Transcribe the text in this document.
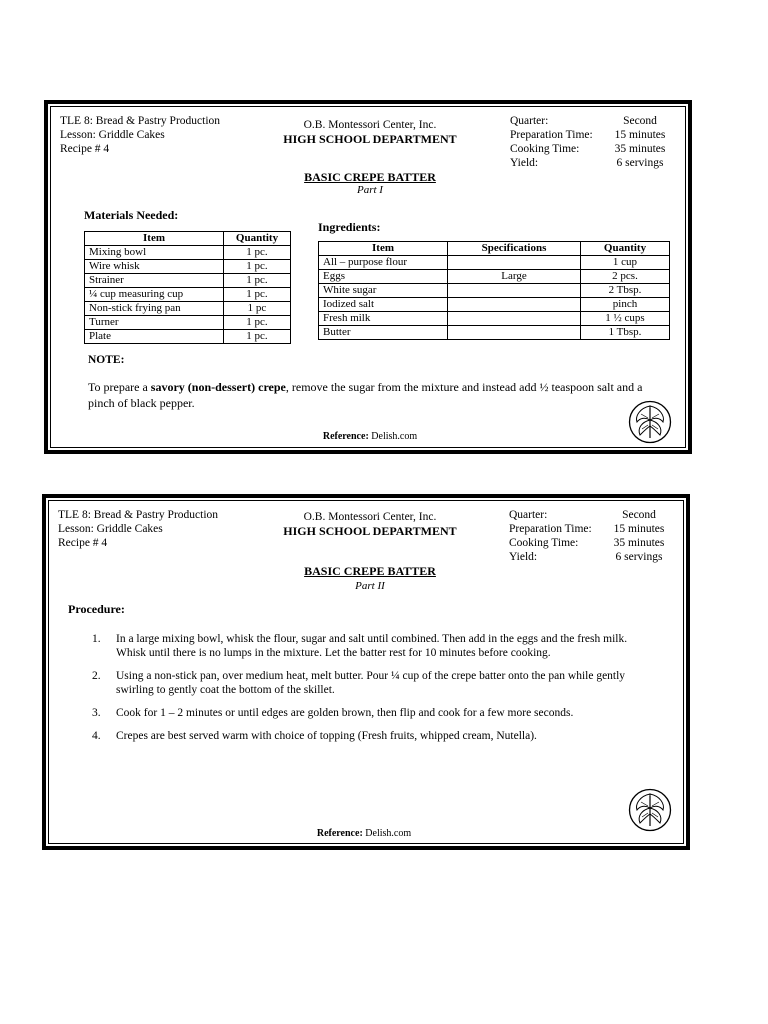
TLE 8: Bread & Pastry Production
Lesson: Griddle Cakes
Recipe # 4
O.B. Montessori Center, Inc.
HIGH SCHOOL DEPARTMENT
Quarter:	Second
Preparation Time:	15 minutes
Cooking Time:	35 minutes
Yield:	6 servings
BASIC CREPE BATTER
Part I
Materials Needed:
Item	Quantity
Mixing bowl	1 pc.
Wire whisk	1 pc.
Strainer	1 pc.
¼ cup measuring cup	1 pc.
Non-stick frying pan	1 pc
Turner	1 pc.
Plate	1 pc.
Ingredients:
Item	Specifications	Quantity
All – purpose flour		1 cup
Eggs	Large	2 pcs.
White sugar		2 Tbsp.
Iodized salt		pinch
Fresh milk		1 ½ cups
Butter		1 Tbsp.
NOTE:
To prepare a savory (non-dessert) crepe, remove the sugar from the mixture and instead add ½ teaspoon salt and a pinch of black pepper.
Reference: Delish.com
TLE 8: Bread & Pastry Production
Lesson: Griddle Cakes
Recipe # 4
O.B. Montessori Center, Inc.
HIGH SCHOOL DEPARTMENT
Quarter:	Second
Preparation Time:	15 minutes
Cooking Time:	35 minutes
Yield:	6 servings
BASIC CREPE BATTER
Part II
Procedure:
1.	In a large mixing bowl, whisk the flour, sugar and salt until combined. Then add in the eggs and the fresh milk. Whisk until there is no lumps in the mixture. Let the batter rest for 10 minutes before cooking.
2.	Using a non-stick pan, over medium heat, melt butter. Pour ¼ cup of the crepe batter onto the pan while gently swirling to gently coat the bottom of the skillet.
3.	Cook for 1 – 2 minutes or until edges are golden brown, then flip and cook for a few more seconds.
4.	Crepes are best served warm with choice of topping (Fresh fruits, whipped cream, Nutella).
Reference: Delish.com
